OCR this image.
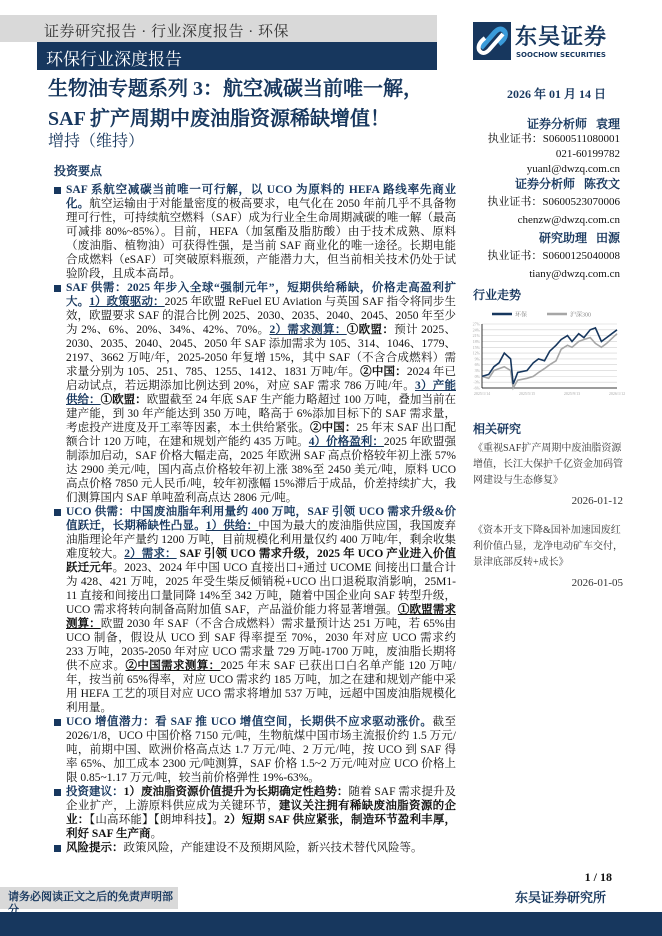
证券研究报告 · 行业深度报告 · 环保
环保行业深度报告
东吴证券
SOOCHOW SECURITIES
生物油专题系列 3：航空减碳当前唯一解，
SAF 扩产周期中废油脂资源稀缺增值！
增持（维持）
2026 年 01 月 14 日
证券分析师 袁理
执业证书：S0600511080001
021-60199782
yuanl@dwzq.com.cn
证券分析师 陈孜文
执业证书：S0600523070006
chenzw@dwzq.com.cn
研究助理 田源
执业证书：S0600125040008
tiany@dwzq.com.cn
投资要点
SAF 系航空减碳当前唯一可行解，以 UCO 为原料的 HEFA 路线率先商业化。航空运输由于对能量密度的极高要求，电气化在 2050 年前几乎不具备物理可行性，可持续航空燃料（SAF）成为行业全生命周期减碳的唯一解（最高可减排 80%~85%）。目前，HEFA（加氢酯及脂肪酸）由于技术成熟、原料（废油脂、植物油）可获得性强，是当前 SAF 商业化的唯一途径。长期电能合成燃料（eSAF）可突破原料瓶颈，产能潜力大，但当前相关技术仍处于试验阶段，且成本高昂。
SAF 供需：2025 年步入全球“强制元年”，短期供给稀缺，价格走高盈利扩大。1）政策驱动：2025 年欧盟 ReFuel EU Aviation 与英国 SAF 指令将同步生效，欧盟要求 SAF 的混合比例 2025、2030、2035、2040、2045、2050 年至少为 2%、6%、20%、34%、42%、70%。2）需求测算：①欧盟：预计 2025、2030、2035、2040、2045、2050 年 SAF 添加需求为 105、314、1046、1779、2197、3662 万吨/年，2025-2050 年复增 15%，其中 SAF（不含合成燃料）需求量分别为 105、251、785、1255、1412、1831 万吨/年。②中国：2024 年已启动试点，若远期添加比例达到 20%，对应 SAF 需求 786 万吨/年。3）产能供给：①欧盟：欧盟截至 24 年底 SAF 生产能力略超过 100 万吨，叠加当前在建产能，到 30 年产能达到 350 万吨，略高于 6%添加目标下的 SAF 需求量，考虑投产进度及开工率等因素，本土供给紧张。②中国：25 年末 SAF 出口配额合计 120 万吨，在建和规划产能约 435 万吨。4）价格盈利：2025 年欧盟强制添加启动，SAF 价格大幅走高，2025 年欧洲 SAF 高点价格较年初上涨 57%达 2900 美元/吨，国内高点价格较年初上涨 38%至 2450 美元/吨，原料 UCO 高点价格 7850 元人民币/吨，较年初涨幅 15%滞后于成品，价差持续扩大，我们测算国内 SAF 单吨盈利高点达 2806 元/吨。
UCO 供需：中国废油脂年利用量约 400 万吨，SAF 引领 UCO 需求升级&价值跃迁，长期稀缺性凸显。1）供给：中国为最大的废油脂供应国，我国废弃油脂理论年产量约 1200 万吨，目前规模化利用量仅约 400 万吨/年，剩余收集难度较大。2）需求： SAF 引领 UCO 需求升级，2025 年 UCO 产业进入价值跃迁元年。2023、2024 年中国 UCO 直接出口+通过 UCOME 间接出口量合计为 428、421 万吨，2025 年受生柴反倾销税+UCO 出口退税取消影响，25M1-11 直接和间接出口量同降 14%至 342 万吨，随着中国企业向 SAF 转型升级，UCO 需求将转向制备高附加值 SAF，产品溢价能力将显著增强。①欧盟需求测算：欧盟 2030 年 SAF（不含合成燃料）需求量预计达 251 万吨，若 65%由 UCO 制备，假设从 UCO 到 SAF 得率提至 70%，2030 年对应 UCO 需求约 233 万吨，2035-2050 年对应 UCO 需求量 729 万吨-1700 万吨，废油脂长期将供不应求。②中国需求测算：2025 年末 SAF 已获出口白名单产能 120 万吨/年，按当前 65%得率，对应 UCO 需求约 185 万吨，加之在建和规划产能中采用 HEFA 工艺的项目对应 UCO 需求将增加 537 万吨，远超中国废油脂规模化利用量。
UCO 增值潜力：看 SAF 推 UCO 增值空间，长期供不应求驱动涨价。截至 2026/1/8，UCO 中国价格 7150 元/吨，生物航煤中国市场主流报价约 1.5 万元/吨，前期中国、欧洲价格高点达 1.7 万元/吨、2 万元/吨，按 UCO 到 SAF 得率 65%、加工成本 2300 元/吨测算，SAF 价格 1.5~2 万元/吨对应 UCO 价格上限 0.85~1.17 万元/吨，较当前价格弹性 19%-63%。
投资建议：1）废油脂资源价值提升为长期确定性趋势：随着 SAF 需求提升及企业扩产，上游原料供应成为关键环节，建议关注拥有稀缺废油脂资源的企业：【山高环能】【朗坤科技】。2）短期 SAF 供应紧张，制造环节盈利丰厚，利好 SAF 生产商。
风险提示：政策风险，产能建设不及预期风险，新兴技术替代风险等。
行业走势
环保	沪深300
27%
24%
21%
18%
15%
12%
9%
6%
3%
0%
-3%
-6%
2025/1/14	2025/5/15	2025/9/13	2026/1/12
相关研究
《重视SAF扩产周期中废油脂资源增值，长江大保护千亿资金加码管网建设与生态修复》
2026-01-12
《资本开支下降&国补加速国废红利价值凸显，龙净电动矿车交付，景津底部反转+成长》
2026-01-05
1 / 18
请务必阅读正文之后的免责声明部分
东吴证券研究所
